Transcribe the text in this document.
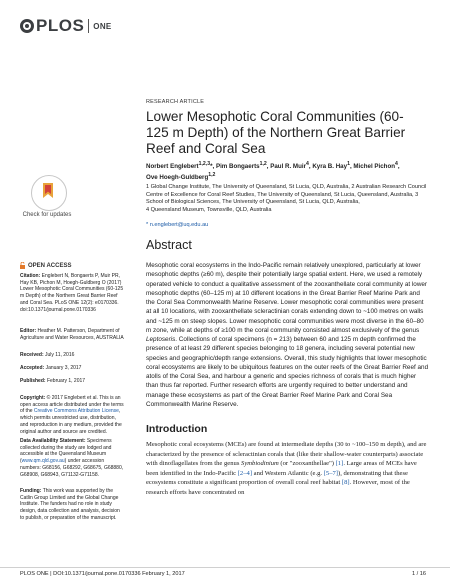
PLOS ONE
RESEARCH ARTICLE
Lower Mesophotic Coral Communities (60-125 m Depth) of the Northern Great Barrier Reef and Coral Sea
Norbert Englebert$^{1,2,3}$*, Pim Bongaerts$^{1,2}$, Paul R. Muir$^4$, Kyra B. Hay$^1$, Michel Pichon$^4$,
Ove Hoegh-Guldberg$^{1,2}$
1 Global Change Institute, The University of Queensland, St Lucia, QLD, Australia, 2 Australian Research Council Centre of Excellence for Coral Reef Studies, The University of Queensland, St Lucia, Queensland, Australia, 3 School of Biological Sciences, The University of Queensland, St Lucia, QLD, Australia,
4 Queensland Museum, Townsville, QLD, Australia
* n.englebert@uq.edu.au
Abstract
Mesophotic coral ecosystems in the Indo-Pacific remain relatively unexplored, particularly at lower mesophotic depths (≥60 m), despite their potentially large spatial extent. Here, we used a remotely operated vehicle to conduct a qualitative assessment of the zooxanthellate coral community at lower mesophotic depths (60–125 m) at 10 different locations in the Great Barrier Reef Marine Park and the Coral Sea Commonwealth Marine Reserve. Lower mesophotic coral communities were present at all 10 locations, with zooxanthellate scleractinian corals extending down to ~100 metres on walls and ~125 m on steep slopes. Lower mesophotic coral communities were most diverse in the 60–80 m zone, while at depths of ≥100 m the coral community consisted almost exclusively of the genus Leptoseris. Collections of coral specimens (n = 213) between 60 and 125 m depth confirmed the presence of at least 29 different species belonging to 18 genera, including several potential new species and geographic/depth range extensions. Overall, this study highlights that lower mesophotic coral ecosystems are likely to be ubiquitous features on the outer reefs of the Great Barrier Reef and atolls of the Coral Sea, and harbour a generic and species richness of corals that is much higher than thus far reported. Further research efforts are urgently required to better understand and manage these ecosystems as part of the Great Barrier Reef Marine Park and Coral Sea Commonwealth Marine Reserve.
Introduction
Mesophotic coral ecosystems (MCEs) are found at intermediate depths (30 to ~100–150 m depth), and are characterized by the presence of scleractinian corals that (like their shallow-water counterparts) associate with dinoflagellates from the genus Symbiodinium (or "zooxanthellae") [1]. Large areas of MCEs have been identified in the Indo-Pacific [2–4] and Western Atlantic (e.g. [5–7]), demonstrating that these ecosystems constitute a significant proportion of overall coral reef habitat [8]. However, most of the research efforts have concentrated on
Check for updates
OPEN ACCESS
Citation: Englebert N, Bongaerts P, Muir PR, Hay KB, Pichon M, Hoegh-Guldberg O (2017) Lower Mesophotic Coral Communities (60-125 m Depth) of the Northern Great Barrier Reef and Coral Sea. PLoS ONE 12(2): e0170336. doi:10.1371/journal.pone.0170336
Editor: Heather M. Patterson, Department of Agriculture and Water Resources, AUSTRALIA
Received: July 11, 2016
Accepted: January 3, 2017
Published: February 1, 2017
Copyright: © 2017 Englebert et al. This is an open access article distributed under the terms of the Creative Commons Attribution License, which permits unrestricted use, distribution, and reproduction in any medium, provided the original author and source are credited.
Data Availability Statement: Specimens collected during the study are lodged and accessible at the Queensland Museum (www.qm.qld.gov.au) under accession numbers: G68156, G68292, G68675, G68880, G68908, G68943, G71132-G71158.
Funding: This work was supported by the Catlin Group Limited and the Global Change Institute. The funders had no role in study design, data collection and analysis, decision to publish, or preparation of the manuscript.
PLOS ONE | DOI:10.1371/journal.pone.0170336 February 1, 2017	1 / 16
